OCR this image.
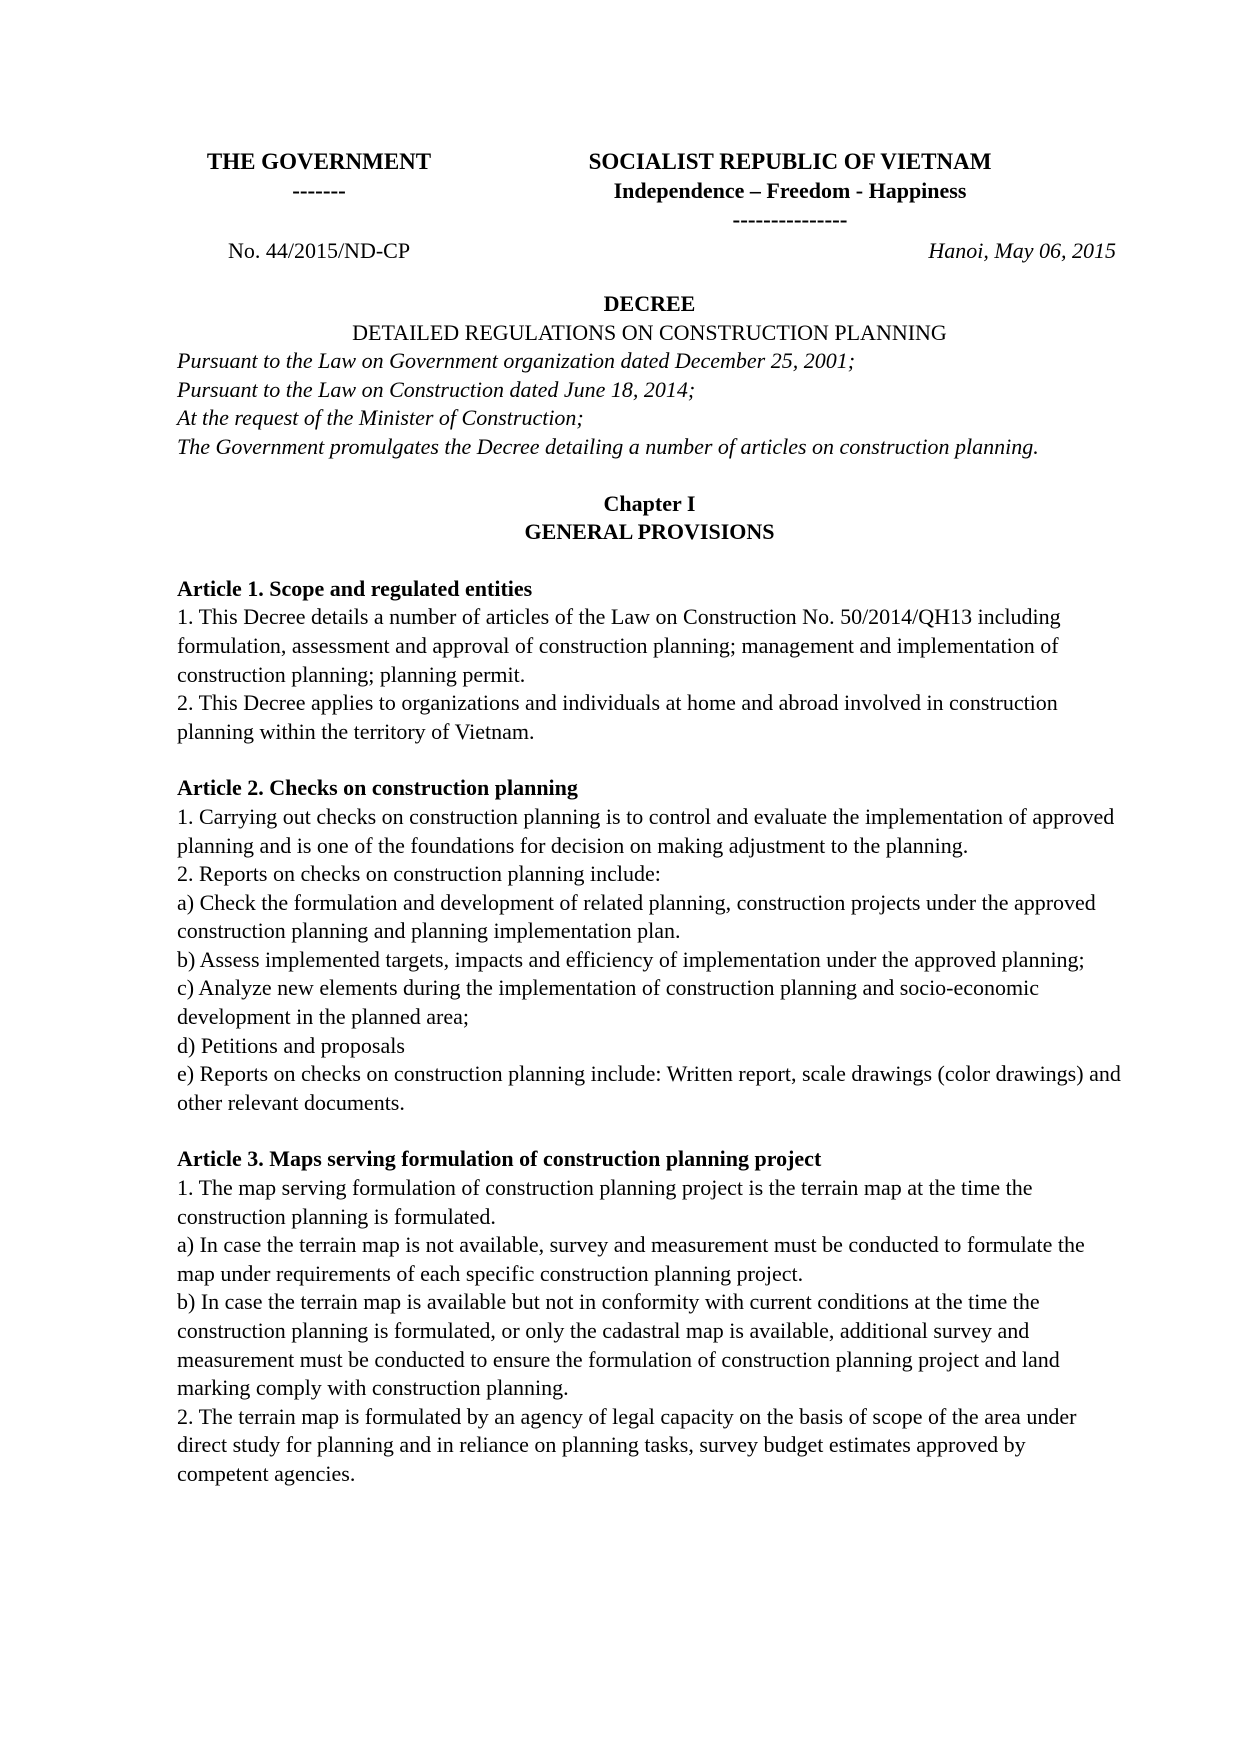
THE GOVERNMENT
-------
SOCIALIST REPUBLIC OF VIETNAM
Independence – Freedom - Happiness
---------------
No. 44/2015/ND-CP	Hanoi, May 06, 2015

DECREE

DETAILED REGULATIONS ON CONSTRUCTION PLANNING

Pursuant to the Law on Government organization dated December 25, 2001;

Pursuant to the Law on Construction dated June 18, 2014;

At the request of the Minister of Construction;

The Government promulgates the Decree detailing a number of articles on construction planning.

Chapter I

GENERAL PROVISIONS

Article 1. Scope and regulated entities

1. This Decree details a number of articles of the Law on Construction No. 50/2014/QH13 including formulation, assessment and approval of construction planning; management and implementation of construction planning; planning permit.

2. This Decree applies to organizations and individuals at home and abroad involved in construction planning within the territory of Vietnam.

Article 2. Checks on construction planning

1. Carrying out checks on construction planning is to control and evaluate the implementation of approved planning and is one of the foundations for decision on making adjustment to the planning.

2. Reports on checks on construction planning include:

a) Check the formulation and development of related planning, construction projects under the approved construction planning and planning implementation plan.

b) Assess implemented targets, impacts and efficiency of implementation under the approved planning;

c) Analyze new elements during the implementation of construction planning and socio-economic development in the planned area;

d) Petitions and proposals

e) Reports on checks on construction planning include: Written report, scale drawings (color drawings) and other relevant documents.

Article 3. Maps serving formulation of construction planning project

1. The map serving formulation of construction planning project is the terrain map at the time the construction planning is formulated.

a) In case the terrain map is not available, survey and measurement must be conducted to formulate the map under requirements of each specific construction planning project.

b) In case the terrain map is available but not in conformity with current conditions at the time the construction planning is formulated, or only the cadastral map is available, additional survey and measurement must be conducted to ensure the formulation of construction planning project and land marking comply with construction planning.

2. The terrain map is formulated by an agency of legal capacity on the basis of scope of the area under direct study for planning and in reliance on planning tasks, survey budget estimates approved by competent agencies.
